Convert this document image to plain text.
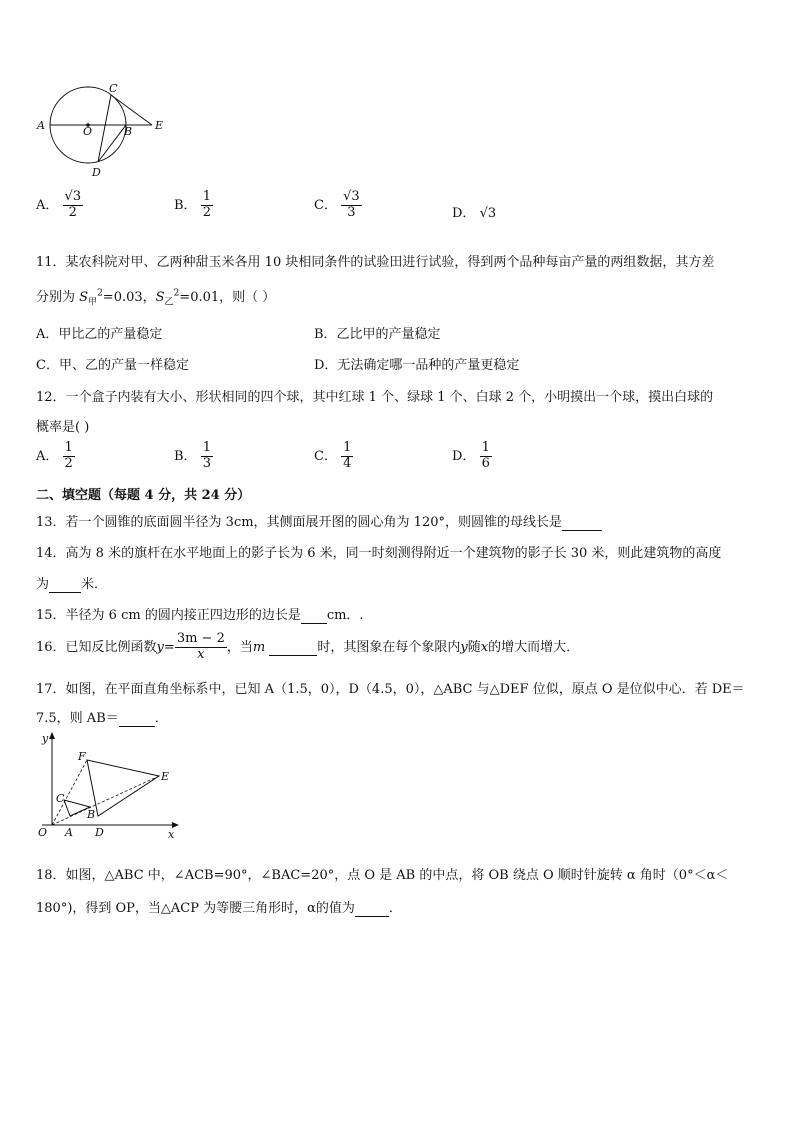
A	O
C
B E
D
A． $\frac{√3}{2}$	B． $\frac{1}{2}$	C． $\frac{√3}{3}$	D． √3
11．某农科院对甲、乙两种甜玉米各用 10 块相同条件的试验田进行试验，得到两个品种每亩产量的两组数据，其方差
分别为 $S_甲^2=0.03$，$S_乙^2=0.01$，则（ ）
A．甲比乙的产量稳定	B．乙比甲的产量稳定
C．甲、乙的产量一样稳定	D．无法确定哪一品种的产量更稳定
12．一个盒子内装有大小、形状相同的四个球，其中红球 1 个、绿球 1 个、白球 2 个，小明摸出一个球，摸出白球的
概率是( )
A． $\frac{1}{2}$	B． $\frac{1}{3}$	C． $\frac{1}{4}$	D． $\frac{1}{6}$
二、填空题（每题 4 分，共 24 分）
13．若一个圆锥的底面圆半径为 3cm，其侧面展开图的圆心角为 120°，则圆锥的母线长是
14．高为 8 米的旗杆在水平地面上的影子长为 6 米，同一时刻测得附近一个建筑物的影子长 30 米，则此建筑物的高度
为 米．
15．半径为 6 cm 的圆内接正四边形的边长是 cm．.
16．已知反比例函数$y= \frac{3m - 2}{x}$ ，当m	时，其图象在每个象限内y随x的增大而增大．
17．如图，在平面直角坐标系中，已知 A（1.5，0），D（4.5，0），△ABC 与△DEF 位似，原点 O 是位似中心．若 DE＝
7.5，则 AB＝	．
y
F
E
C
B
O A D	x
18．如图，△ABC 中，∠ACB=90°，∠BAC=20°，点 O 是 AB 的中点，将 OB 绕点 O 顺时针旋转 α 角时（0°＜α＜
180°)，得到 OP，当△ACP 为等腰三角形时，α的值为	．
